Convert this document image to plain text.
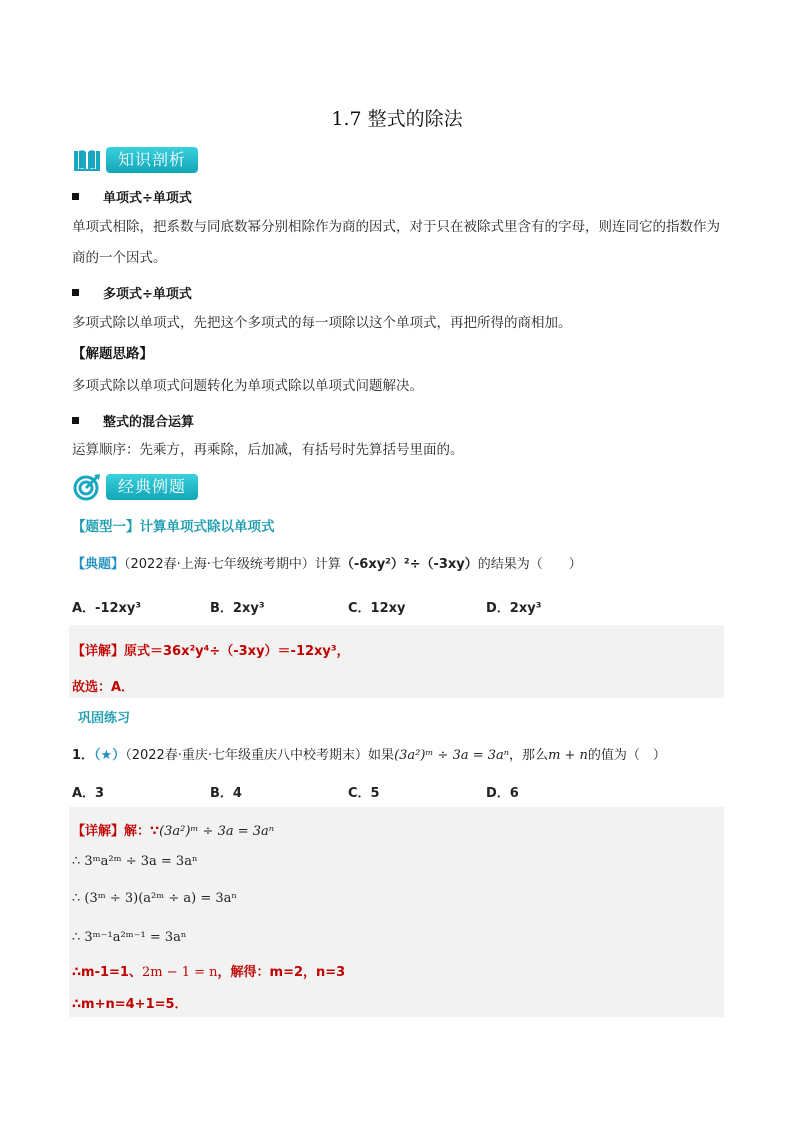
1.7 整式的除法
知识剖析
单项式÷单项式
单项式相除，把系数与同底数幂分别相除作为商的因式，对于只在被除式里含有的字母，则连同它的指数作为商的一个因式。
多项式÷单项式
多项式除以单项式，先把这个多项式的每一项除以这个单项式，再把所得的商相加。
【解题思路】
多项式除以单项式问题转化为单项式除以单项式问题解决。
整式的混合运算
运算顺序：先乘方，再乘除，后加减，有括号时先算括号里面的。
经典例题
【题型一】计算单项式除以单项式
【典题】（2022春·上海·七年级统考期中）计算（-6xy²）²÷（-3xy）的结果为（　　）
A．-12xy³	B．2xy³	C．12xy	D．2xy³
【详解】原式＝36x²y⁴÷（-3xy）＝-12xy³，
故选：A．
巩固练习
1．（★）（2022春·重庆·七年级重庆八中校考期末）如果(3a²)ᵐ ÷ 3a = 3aⁿ，那么m + n的值为（　）
A．3	B．4	C．5	D．6
【详解】解：∵(3a²)ᵐ ÷ 3a = 3aⁿ
∴ 3ᵐa²ᵐ ÷ 3a = 3aⁿ
∴ (3ᵐ ÷ 3)(a²ᵐ ÷ a) = 3aⁿ
∴ 3ᵐ⁻¹a²ᵐ⁻¹ = 3aⁿ
∴m-1=1、2m − 1 = n，解得：m=2，n=3
∴m+n=4+1=5．
